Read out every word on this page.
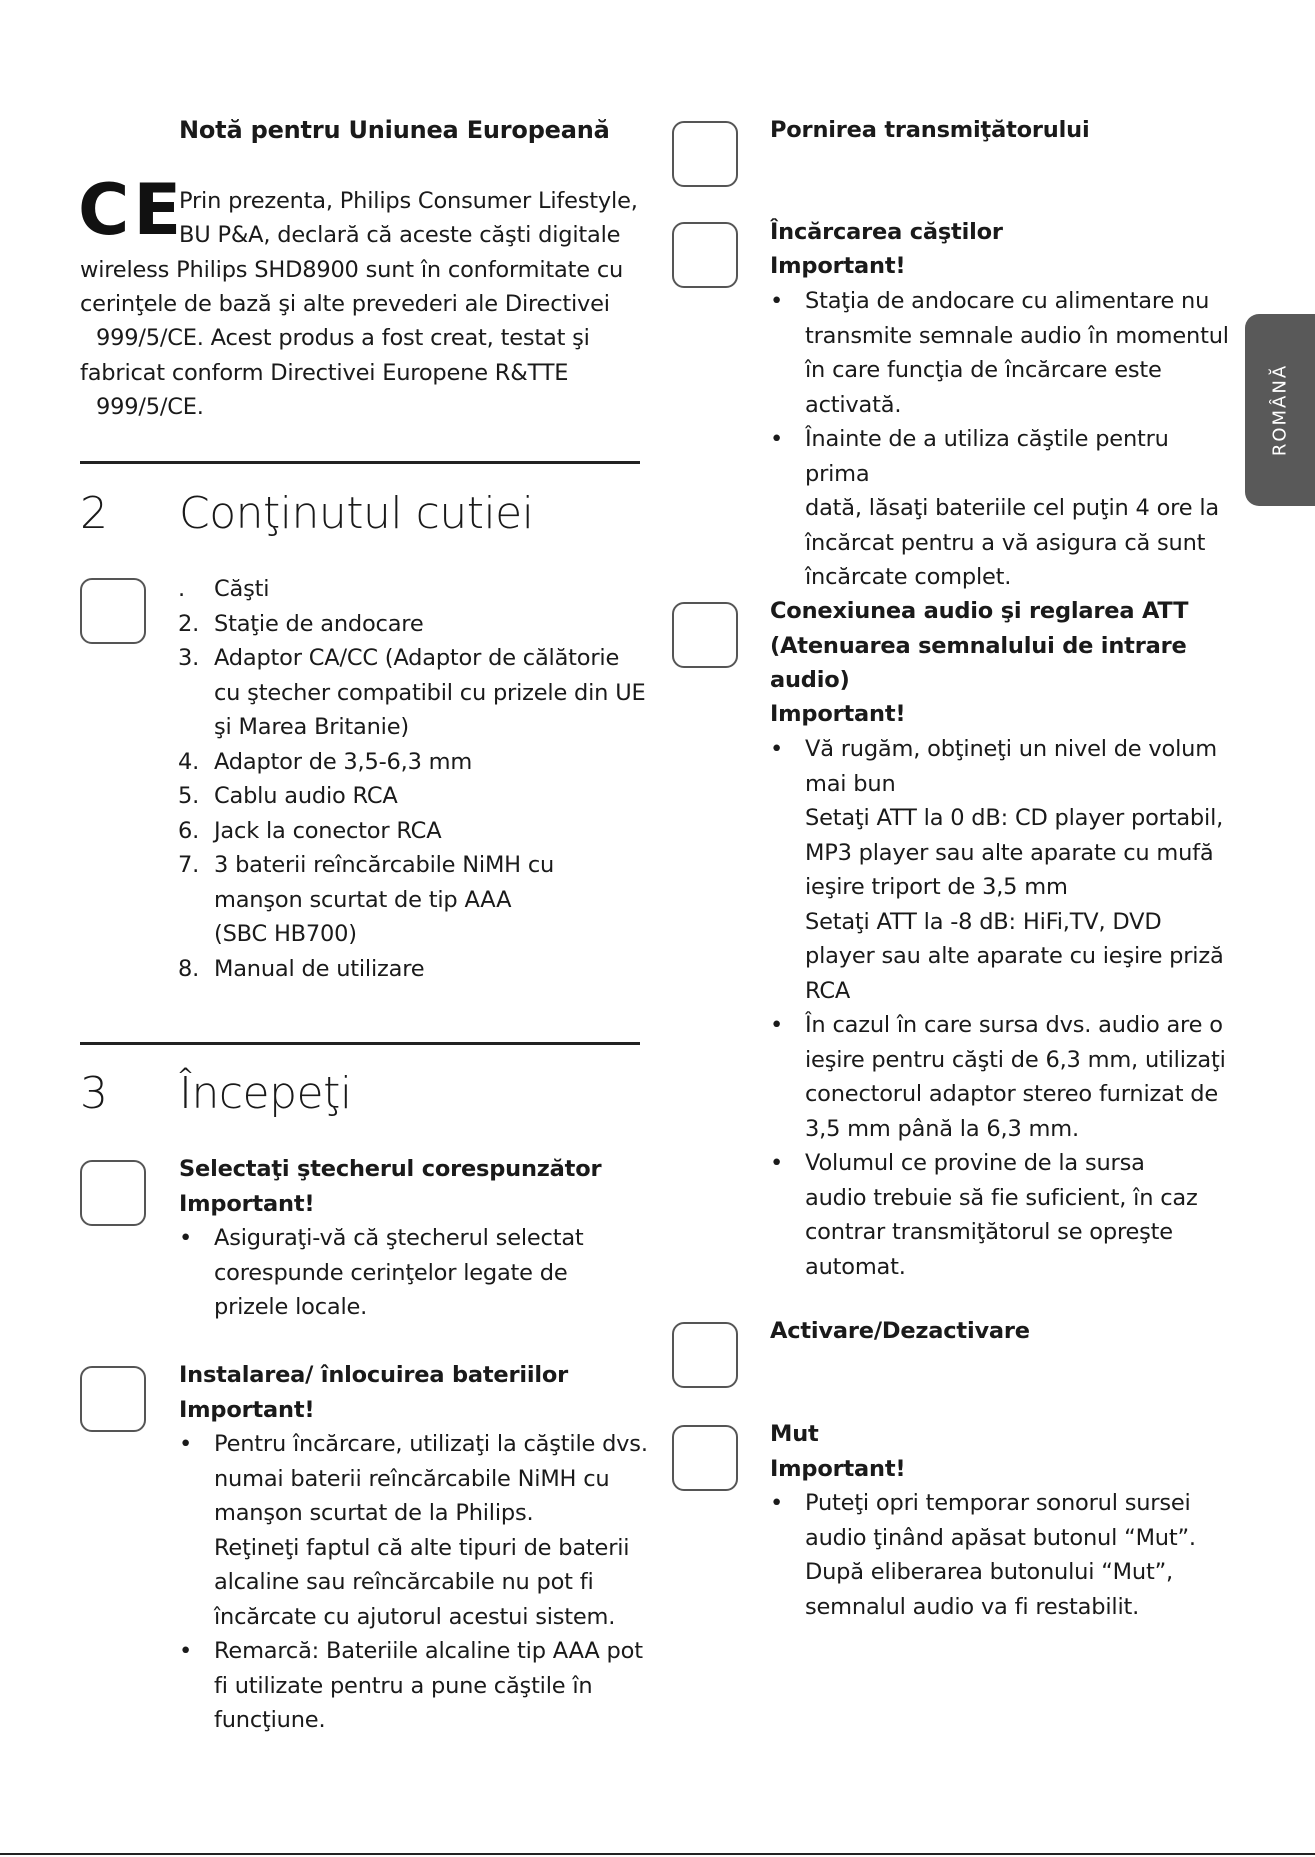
ROMÂNĂ
Notă pentru Uniunea Europeană
CE
Prin prezenta, Philips Consumer Lifestyle,
BU P&A, declară că aceste căşti digitale
wireless Philips SHD8900 sunt în conformitate cu
cerinţele de bază şi alte prevederi ale Directivei
999/5/CE. Acest produs a fost creat, testat şi
fabricat conform Directivei Europene R&TTE
999/5/CE.
2 Conţinutul cutiei
. Căşti
2. Staţie de andocare
3. Adaptor CA/CC (Adaptor de călătorie
cu ştecher compatibil cu prizele din UE
şi Marea Britanie)
4. Adaptor de 3,5-6,3 mm
5. Cablu audio RCA
6. Jack la conector RCA
7. 3 baterii reîncărcabile NiMH cu
manşon scurtat de tip AAA
(SBC HB700)
8. Manual de utilizare
3 Începeţi
Selectaţi ştecherul corespunzător
Important!
• Asiguraţi-vă că ştecherul selectat
corespunde cerinţelor legate de
prizele locale.
Instalarea/ înlocuirea bateriilor
Important!
• Pentru încărcare, utilizaţi la căştile dvs.
numai baterii reîncărcabile NiMH cu
manşon scurtat de la Philips.
Reţineţi faptul că alte tipuri de baterii
alcaline sau reîncărcabile nu pot fi
încărcate cu ajutorul acestui sistem.
• Remarcă: Bateriile alcaline tip AAA pot
fi utilizate pentru a pune căştile în
funcţiune.
Pornirea transmiţătorului
Încărcarea căştilor
Important!
• Staţia de andocare cu alimentare nu
transmite semnale audio în momentul
în care funcţia de încărcare este
activată.
• Înainte de a utiliza căştile pentru prima
dată, lăsaţi bateriile cel puţin 4 ore la
încărcat pentru a vă asigura că sunt
încărcate complet.
Conexiunea audio şi reglarea ATT
(Atenuarea semnalului de intrare
audio)
Important!
• Vă rugăm, obţineţi un nivel de volum
mai bun
Setaţi ATT la 0 dB: CD player portabil,
MP3 player sau alte aparate cu mufă
ieşire triport de 3,5 mm
Setaţi ATT la -8 dB: HiFi,TV, DVD
player sau alte aparate cu ieşire priză
RCA
• În cazul în care sursa dvs. audio are o
ieşire pentru căşti de 6,3 mm, utilizaţi
conectorul adaptor stereo furnizat de
3,5 mm până la 6,3 mm.
• Volumul ce provine de la sursa
audio trebuie să fie suficient, în caz
contrar transmiţătorul se opreşte
automat.
Activare/Dezactivare
Mut
Important!
• Puteţi opri temporar sonorul sursei
audio ţinând apăsat butonul “Mut”.
După eliberarea butonului “Mut”,
semnalul audio va fi restabilit.
